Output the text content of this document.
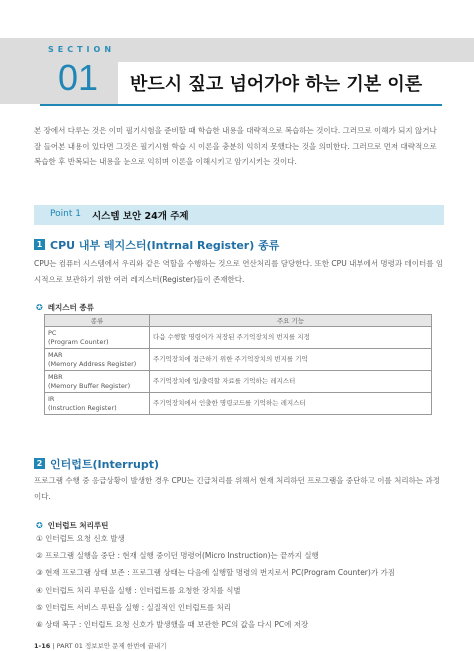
SECTION
01 반드시 짚고 넘어가야 하는 기본 이론
본 장에서 다루는 것은 이미 필기시험을 준비할 때 학습한 내용을 대략적으로 복습하는 것이다. 그러므로 이해가 되지 않거나 잘 들어본 내용이 있다면 그것은 필기시험 학습 시 이론을 충분히 익히지 못했다는 것을 의미한다. 그러므로 먼저 대략적으로 복습한 후 반복되는 내용을 눈으로 익히며 이론을 이해시키고 암기시키는 것이다.
Point 1 시스템 보안 24개 주제
1 CPU 내부 레지스터(Intrnal Register) 종류
CPU는 컴퓨터 시스템에서 우리와 같은 역할을 수행하는 것으로 연산처리를 담당한다. 또한 CPU 내부에서 명령과 데이터를 임시적으로 보관하기 위한 여러 레지스터(Register)들이 존재한다.
✪ 레지스터 종류
종류	주요 기능
PC
(Program Counter)	다음 수행할 명령어가 저장된 주기억장치의 번지를 지정
MAR
(Memory Address Register)	주기억장치에 접근하기 위한 주기억장치의 번지를 기억
MBR
(Memory Buffer Register)	주기억장치에 입/출력할 자료를 기억하는 레지스터
IR
(Instruction Register)	주기억장치에서 인출한 명령코드를 기억하는 레지스터
2 인터럽트(Interrupt)
프로그램 수행 중 응급상황이 발생한 경우 CPU는 긴급처리를 위해서 현재 처리하던 프로그램을 중단하고 이를 처리하는 과정이다.
✪ 인터럽트 처리루틴
① 인터럽트 요청 신호 발생
② 프로그램 실행을 중단 : 현재 실행 중이던 명령어(Micro Instruction)는 끝까지 실행
③ 현재 프로그램 상태 보존 : 프로그램 상태는 다음에 실행할 명령의 번지로서 PC(Program Counter)가 가짐
④ 인터럽트 처리 루틴을 실행 : 인터럽트를 요청한 장치를 식별
⑤ 인터럽트 서비스 루틴을 실행 : 실질적인 인터럽트를 처리
⑥ 상태 복구 : 인터럽트 요청 신호가 발생했을 때 보관한 PC의 값을 다시 PC에 저장
1-16 | PART 01 정보보안 문제 한번에 끝내기
